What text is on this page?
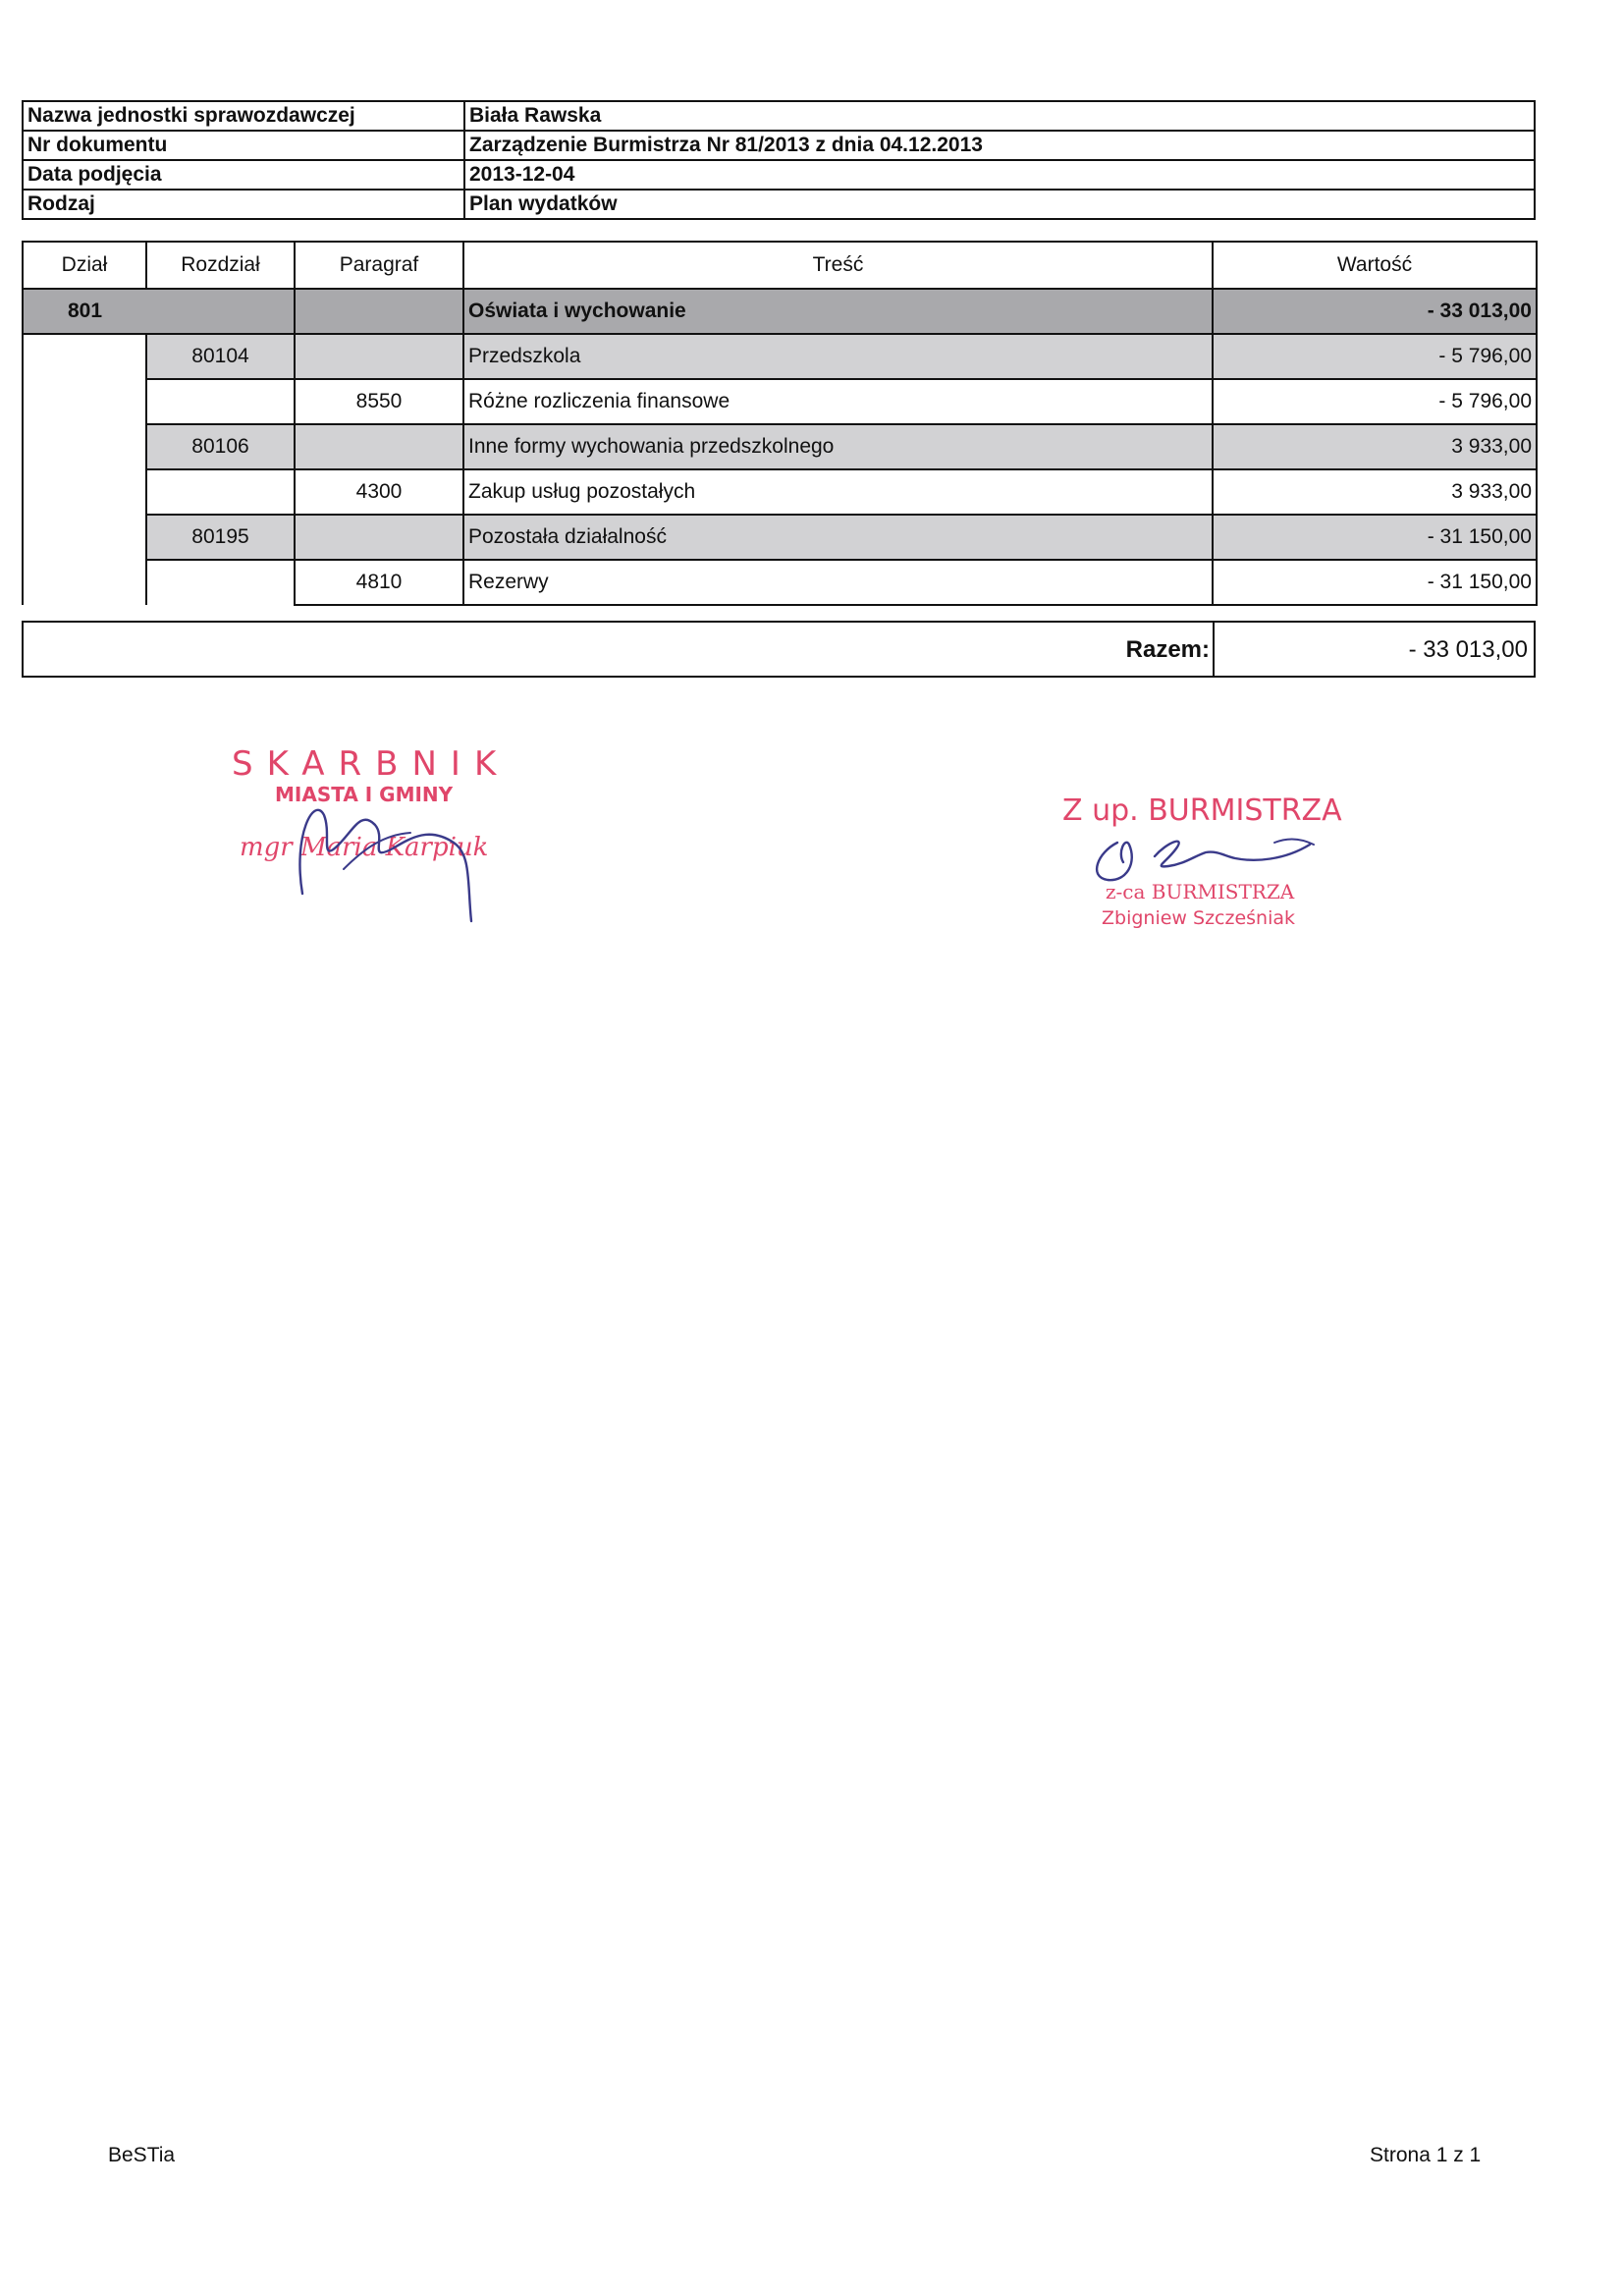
Nazwa jednostki sprawozdawczej	Biała Rawska
Nr dokumentu	Zarządzenie Burmistrza Nr 81/2013 z dnia 04.12.2013
Data podjęcia	2013-12-04
Rodzaj	Plan wydatków
Dział	Rozdział	Paragraf	Treść	Wartość
801			Oświata i wychowanie	- 33 013,00
	80104		Przedszkola	- 5 796,00
		8550	Różne rozliczenia finansowe	- 5 796,00
	80106		Inne formy wychowania przedszkolnego	3 933,00
		4300	Zakup usług pozostałych	3 933,00
	80195		Pozostała działalność	- 31 150,00
		4810	Rezerwy	- 31 150,00
Razem:	- 33 013,00
SKARBNIK
MIASTA I GMINY
mgr Maria Karpiuk
Z up. BURMISTRZA
z-ca BURMISTRZA
Zbigniew Szcześniak
BeSTia	Strona 1 z 1
